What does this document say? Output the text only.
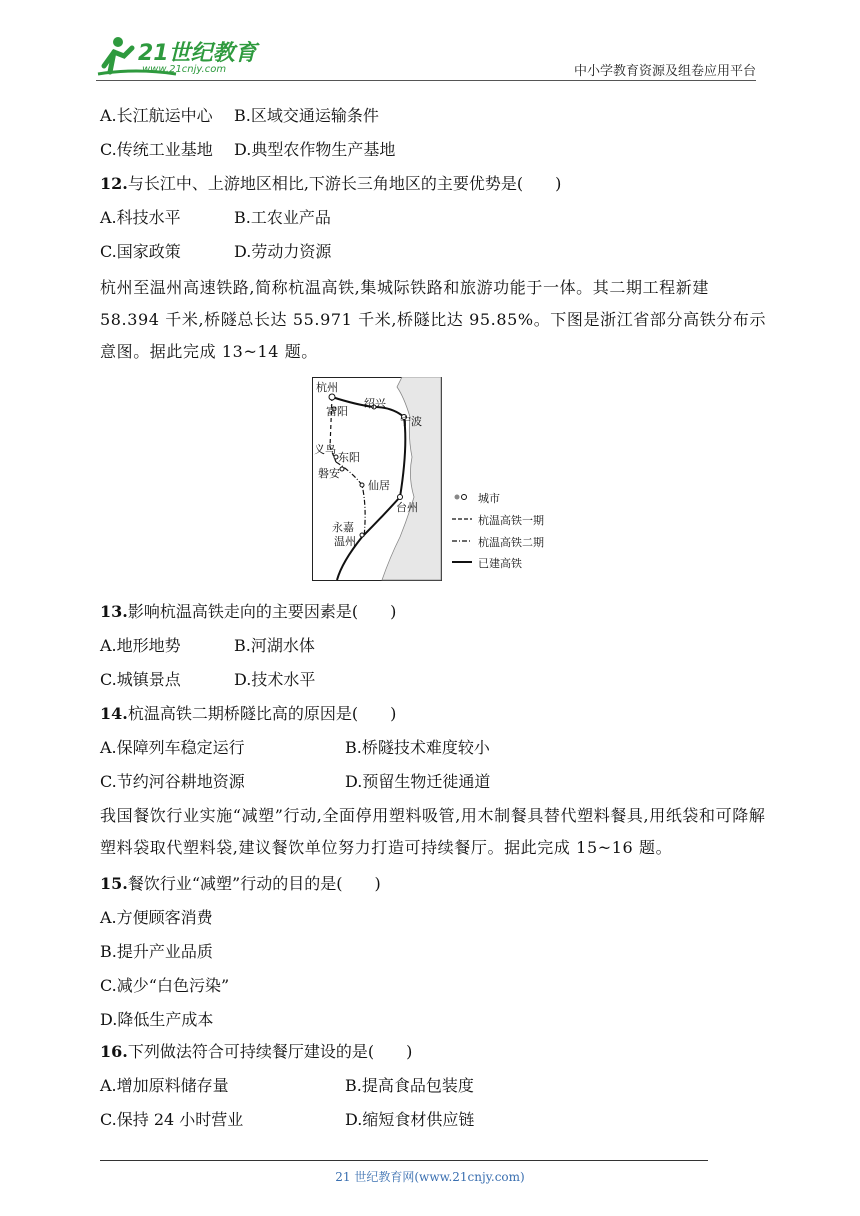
21世纪教育
www.21cnjy.com	中小学教育资源及组卷应用平台
A.长江航运中心 B.区域交通运输条件
C.传统工业基地 D.典型农作物生产基地
12.与长江中、上游地区相比,下游长三角地区的主要优势是(　　)
A.科技水平	B.工农业产品
C.国家政策	D.劳动力资源
杭州至温州高速铁路,简称杭温高铁,集城际铁路和旅游功能于一体。其二期工程新建 58.394 千米,桥隧总长达 55.971 千米,桥隧比达 95.85%。下图是浙江省部分高铁分布示意图。据此完成 13~14 题。
杭州
富阳
绍兴
宁波
义乌
东阳
磐安
仙居
台州
永嘉
温州
城市
杭温高铁一期
杭温高铁二期
已建高铁
13.影响杭温高铁走向的主要因素是(　　)
A.地形地势	B.河湖水体
C.城镇景点	D.技术水平
14.杭温高铁二期桥隧比高的原因是(　　)
A.保障列车稳定运行	B.桥隧技术难度较小
C.节约河谷耕地资源	D.预留生物迁徙通道
我国餐饮行业实施“减塑”行动,全面停用塑料吸管,用木制餐具替代塑料餐具,用纸袋和可降解塑料袋取代塑料袋,建议餐饮单位努力打造可持续餐厅。据此完成 15~16 题。
15.餐饮行业“减塑”行动的目的是(　　)
A.方便顾客消费
B.提升产业品质
C.减少“白色污染”
D.降低生产成本
16.下列做法符合可持续餐厅建设的是(　　)
A.增加原料储存量	B.提高食品包装度
C.保持 24 小时营业	D.缩短食材供应链
21 世纪教育网(www.21cnjy.com)
